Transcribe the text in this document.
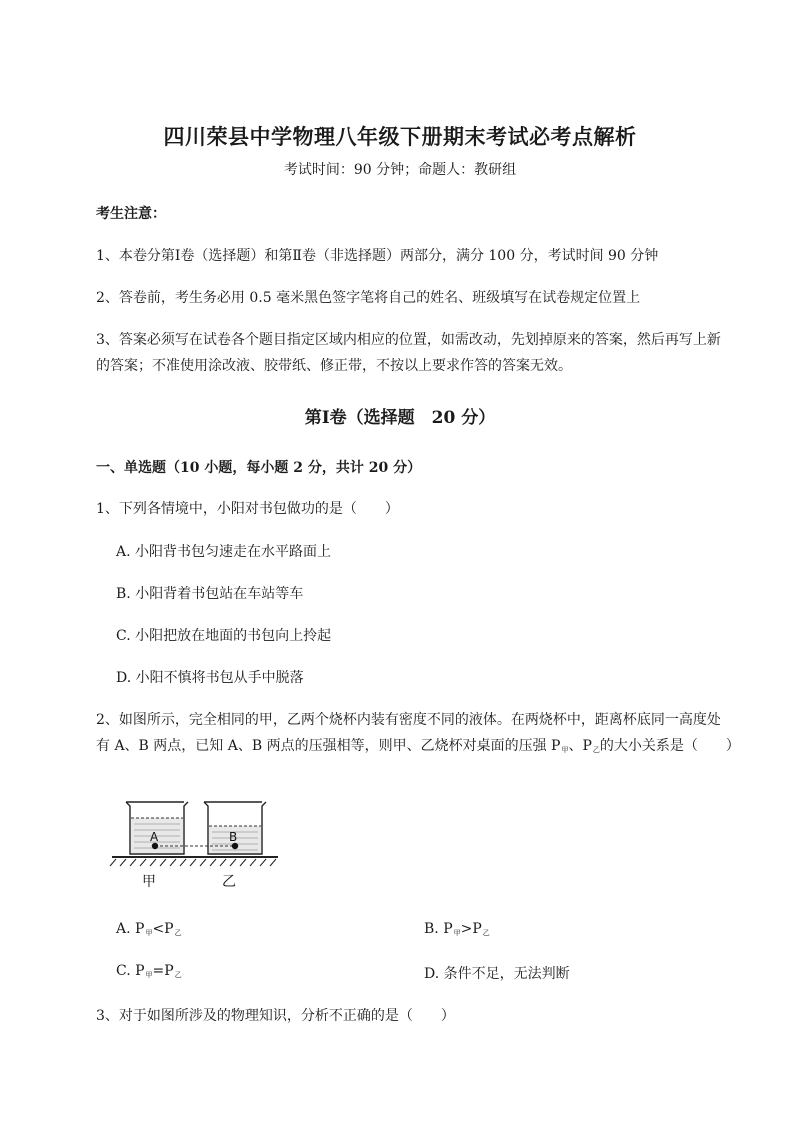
四川荣县中学物理八年级下册期末考试必考点解析
考试时间：90 分钟；命题人：教研组
考生注意：
1、本卷分第Ⅰ卷（选择题）和第Ⅱ卷（非选择题）两部分，满分 100 分，考试时间 90 分钟
2、答卷前，考生务必用 0.5 毫米黑色签字笔将自己的姓名、班级填写在试卷规定位置上
3、答案必须写在试卷各个题目指定区域内相应的位置，如需改动，先划掉原来的答案，然后再写上新
的答案；不准使用涂改液、胶带纸、修正带，不按以上要求作答的答案无效。
第Ⅰ卷（选择题　20 分）
一、单选题（10 小题，每小题 2 分，共计 20 分）
1、下列各情境中，小阳对书包做功的是（　　）
A. 小阳背书包匀速走在水平路面上
B. 小阳背着书包站在车站等车
C. 小阳把放在地面的书包向上拎起
D. 小阳不慎将书包从手中脱落
2、如图所示，完全相同的甲，乙两个烧杯内装有密度不同的液体。在两烧杯中，距离杯底同一高度处
有 A、B 两点，已知 A、B 两点的压强相等，则甲、乙烧杯对桌面的压强 $P_甲$、$P_乙$的大小关系是（　　）
A	B
甲	乙
A. $P_甲<P_乙$	B. $P_甲>P_乙$
C. $P_甲=P_乙$	D. 条件不足，无法判断
3、对于如图所涉及的物理知识，分析不正确的是（　　）
